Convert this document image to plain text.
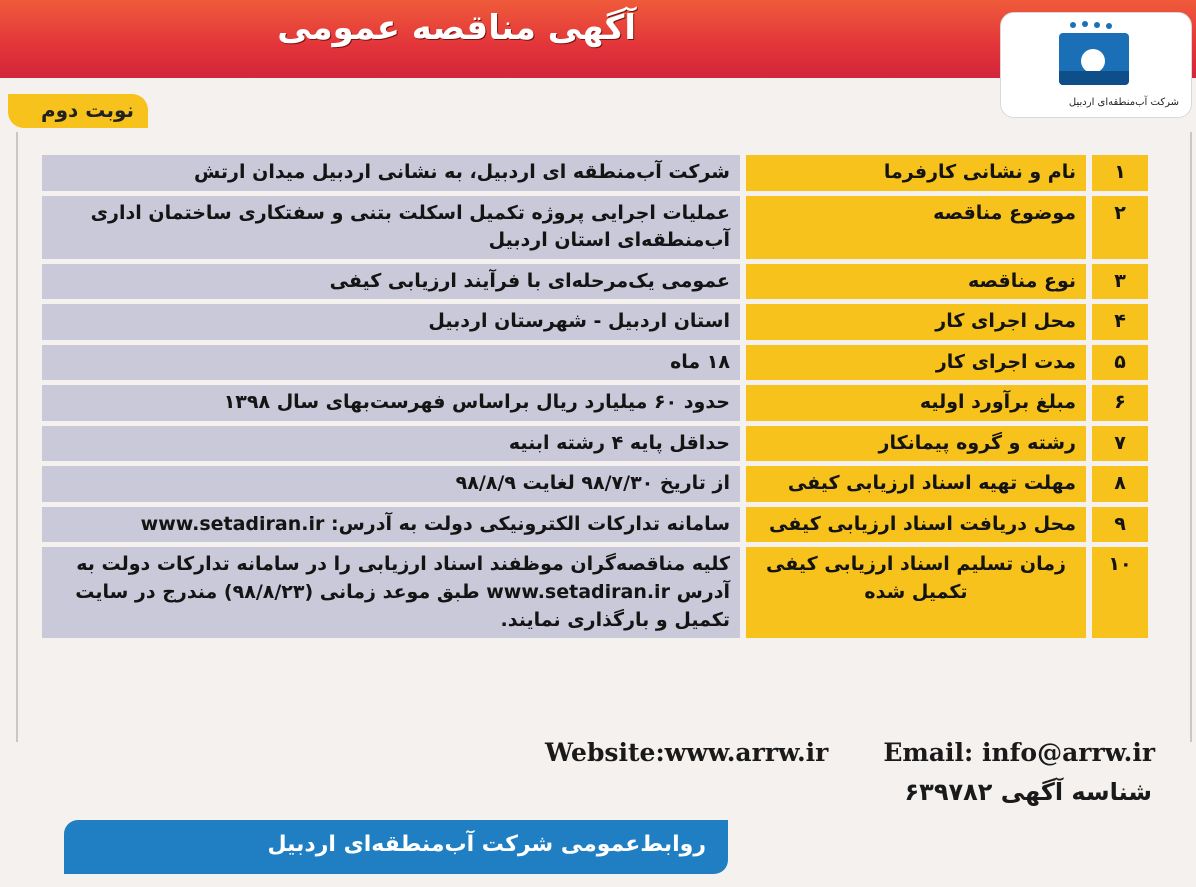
آگهی مناقصه عمومی
شرکت آب‌منطقه‌ای اردبیل
نوبت دوم
۱	نام و نشانی کارفرما	شرکت آب‌منطقه ای اردبیل، به نشانی اردبیل میدان ارتش
۲	موضوع مناقصه	عملیات اجرایی پروژه تکمیل اسکلت بتنی و سفتکاری ساختمان اداری آب‌منطقه‌ای استان اردبیل
۳	نوع مناقصه	عمومی یک‌مرحله‌ای با فرآیند ارزیابی کیفی
۴	محل اجرای کار	استان اردبیل - شهرستان اردبیل
۵	مدت اجرای کار	۱۸ ماه
۶	مبلغ برآورد اولیه	حدود ۶۰ میلیارد ریال براساس فهرست‌بهای سال ۱۳۹۸
۷	رشته و گروه پیمانکار	حداقل پایه ۴ رشته ابنیه
۸	مهلت تهیه اسناد ارزیابی کیفی	از تاریخ ۹۸/۷/۳۰ لغایت ۹۸/۸/۹
۹	محل دریافت اسناد ارزیابی کیفی	سامانه تدارکات الکترونیکی دولت به آدرس: www.setadiran.ir
۱۰	زمان تسلیم اسناد ارزیابی کیفی تکمیل شده	کلیه مناقصه‌گران موظفند اسناد ارزیابی را در سامانه تدارکات دولت به آدرس www.setadiran.ir طبق موعد زمانی (۹۸/۸/۲۳) مندرج در سایت تکمیل و بارگذاری نمایند.
Website:www.arrw.ir Email: info@arrw.ir
شناسه آگهی ۶۳۹۷۸۲
روابط‌عمومی شرکت آب‌منطقه‌ای اردبیل
